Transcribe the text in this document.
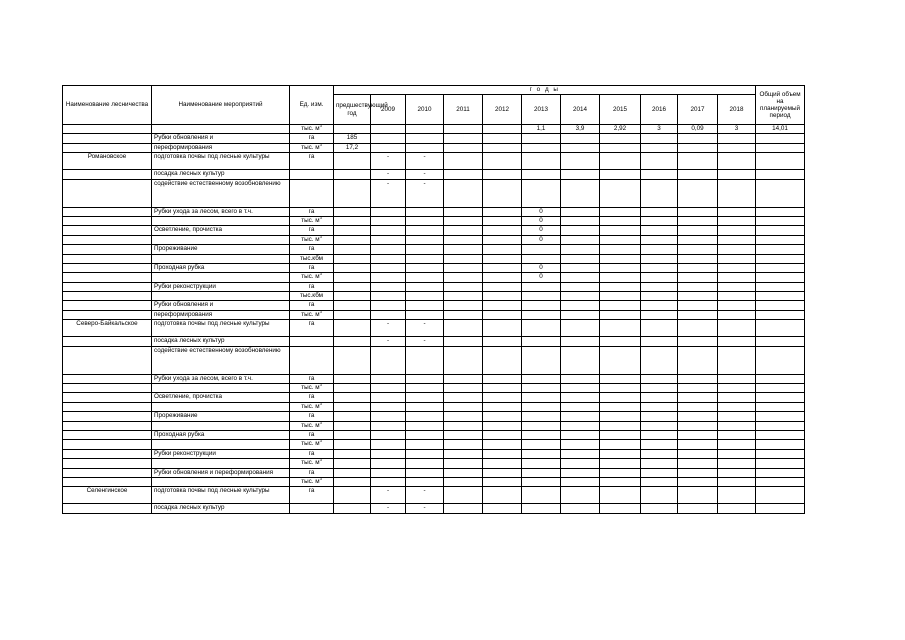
Наименование лесничества	Наименование мероприятий	Ед. изм.	г о д ы											Общий объем на планируемый период
			предшествующий год	2009	2010	2011	2012	2013	2014	2015	2016	2017	2018	
		тыс. $м^3$						1,1	3,9	2,92	3	0,09	3	14,01
	Рубки обновления и	га	185											
	переформирования	тыс. $м^3$	17,2											
Романовское	подготовка почвы под лесные культуры	га		-	-									
	посадка лесных культур			-	-									
	содействие естественному возобновлению			-	-									
	Рубки ухода за лесом, всего в т.ч.	га						0						
		тыс. $м^3$						0						
	Осветление, прочистка	га						0						
		тыс. $м^3$						0						
	Прореживание	га												
		тыс.кбм												
	Проходная рубка	га						0						
		тыс. $м^3$						0						
	Рубки реконструкции	га												
		тыс.кбм												
	Рубки обновления и	га												
	переформирования	тыс. $м^3$												
Северо-Байкальское	подготовка почвы под лесные культуры	га		-	-									
	посадка лесных культур			-	-									
	содействие естественному возобновлению													
	Рубки ухода за лесом, всего в т.ч.	га												
		тыс. $м^3$												
	Осветление, прочистка	га												
		тыс. $м^3$												
	Прореживание	га												
		тыс. $м^3$												
	Проходная рубка	га												
		тыс. $м^3$												
	Рубки реконструкции	га												
		тыс. $м^3$												
	Рубки обновления и переформирования	га												
		тыс. $м^3$												
Селенгинское	подготовка почвы под лесные культуры	га		-	-									
	посадка лесных культур			-	-									
